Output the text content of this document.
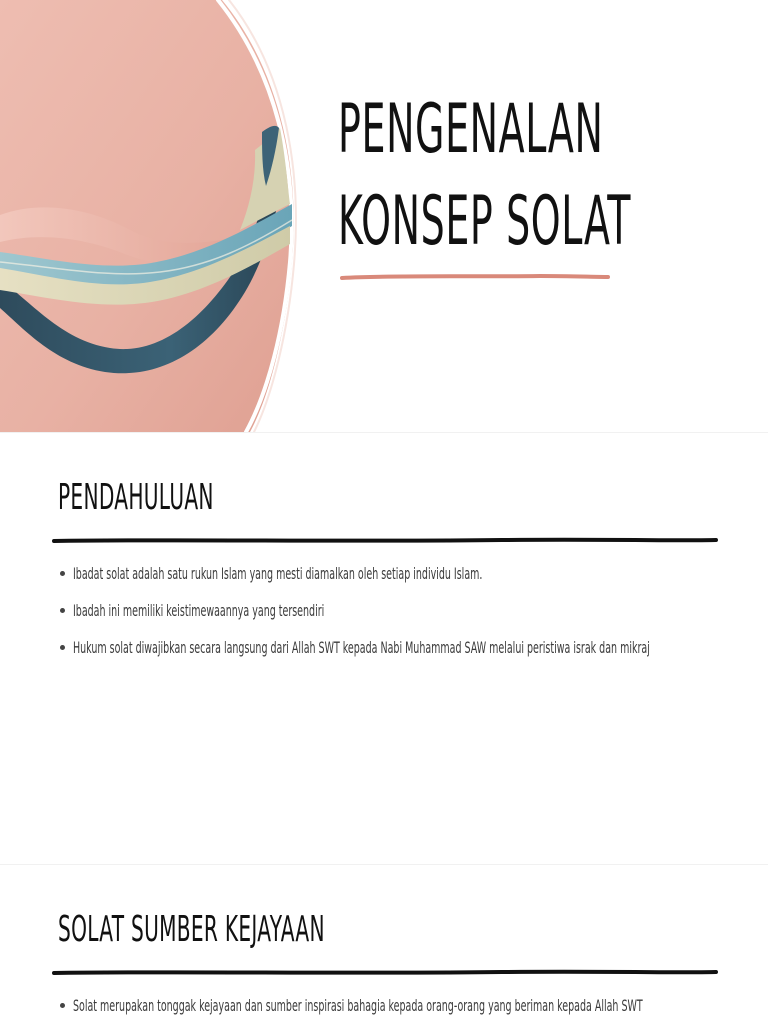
PENGENALAN
KONSEP SOLAT
PENDAHULUAN
Ibadat solat adalah satu rukun Islam yang mesti diamalkan oleh setiap individu Islam.
Ibadah ini memiliki keistimewaannya yang tersendiri
Hukum solat diwajibkan secara langsung dari Allah SWT kepada Nabi Muhammad SAW melalui peristiwa israk dan mikraj
SOLAT SUMBER KEJAYAAN
Solat merupakan tonggak kejayaan dan sumber inspirasi bahagia kepada orang-orang yang beriman kepada Allah SWT
